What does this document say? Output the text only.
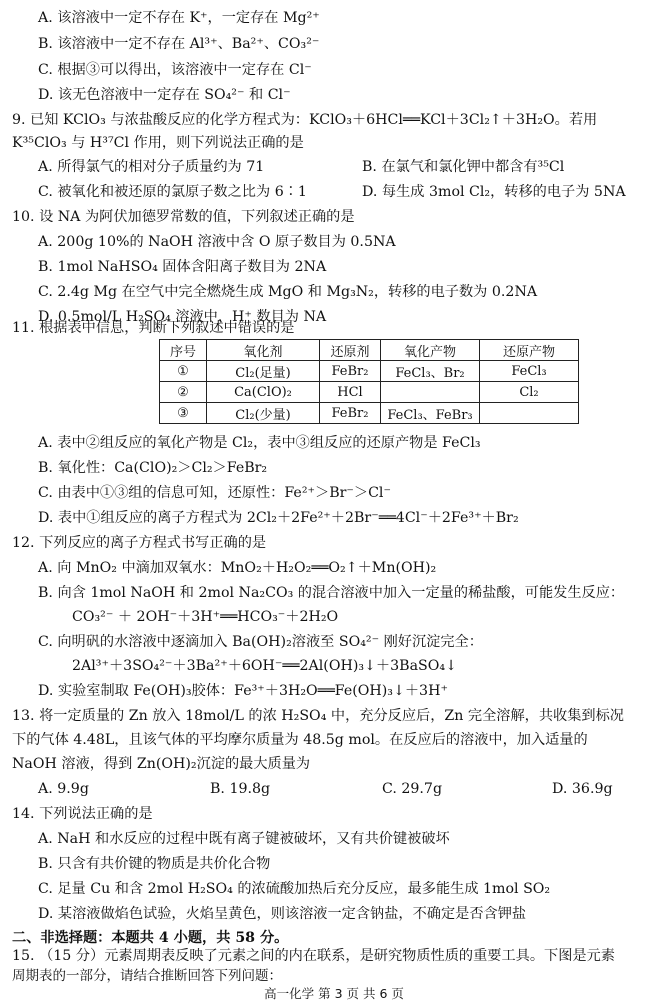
A. 该溶液中一定不存在 K⁺，一定存在 Mg²⁺
B. 该溶液中一定不存在 Al³⁺、Ba²⁺、CO₃²⁻
C. 根据③可以得出，该溶液中一定存在 Cl⁻
D. 该无色溶液中一定存在 SO₄²⁻ 和 Cl⁻
9. 已知 KClO₃ 与浓盐酸反应的化学方程式为：KClO₃＋6HCl══KCl＋3Cl₂↑＋3H₂O。若用
K³⁵ClO₃ 与 H³⁷Cl 作用，则下列说法正确的是
A. 所得氯气的相对分子质量约为 71	B. 在氯气和氯化钾中都含有³⁵Cl
C. 被氧化和被还原的氯原子数之比为 6∶1	D. 每生成 3mol Cl₂，转移的电子为 5NA
10. 设 NA 为阿伏加德罗常数的值，下列叙述正确的是
A. 200g 10%的 NaOH 溶液中含 O 原子数目为 0.5NA
B. 1mol NaHSO₄ 固体含阳离子数目为 2NA
C. 2.4g Mg 在空气中完全燃烧生成 MgO 和 Mg₃N₂，转移的电子数为 0.2NA
D. 0.5mol/L H₂SO₄ 溶液中，H⁺ 数目为 NA
11. 根据表中信息，判断下列叙述中错误的是
序号	氧化剂	还原剂	氧化产物	还原产物
①	Cl₂(足量)	FeBr₂	FeCl₃、Br₂	FeCl₃
②	Ca(ClO)₂	HCl		Cl₂
③	Cl₂(少量)	FeBr₂	FeCl₃、FeBr₃	
A. 表中②组反应的氧化产物是 Cl₂，表中③组反应的还原产物是 FeCl₃
B. 氧化性：Ca(ClO)₂＞Cl₂＞FeBr₂
C. 由表中①③组的信息可知，还原性：Fe²⁺＞Br⁻＞Cl⁻
D. 表中①组反应的离子方程式为 2Cl₂＋2Fe²⁺＋2Br⁻══4Cl⁻＋2Fe³⁺＋Br₂
12. 下列反应的离子方程式书写正确的是
A. 向 MnO₂ 中滴加双氧水：MnO₂＋H₂O₂══O₂↑＋Mn(OH)₂
B. 向含 1mol NaOH 和 2mol Na₂CO₃ 的混合溶液中加入一定量的稀盐酸，可能发生反应：
CO₃²⁻ ＋ 2OH⁻＋3H⁺══HCO₃⁻＋2H₂O
C. 向明矾的水溶液中逐滴加入 Ba(OH)₂溶液至 SO₄²⁻ 刚好沉淀完全：
2Al³⁺＋3SO₄²⁻＋3Ba²⁺＋6OH⁻══2Al(OH)₃↓＋3BaSO₄↓
D. 实验室制取 Fe(OH)₃胶体：Fe³⁺＋3H₂O══Fe(OH)₃↓＋3H⁺
13. 将一定质量的 Zn 放入 18mol/L 的浓 H₂SO₄ 中，充分反应后，Zn 完全溶解，共收集到标况
下的气体 4.48L，且该气体的平均摩尔质量为 48.5g mol。在反应后的溶液中，加入适量的
NaOH 溶液，得到 Zn(OH)₂沉淀的最大质量为
A. 9.9g	B. 19.8g	C. 29.7g	D. 36.9g
14. 下列说法正确的是
A. NaH 和水反应的过程中既有离子键被破坏，又有共价键被破坏
B. 只含有共价键的物质是共价化合物
C. 足量 Cu 和含 2mol H₂SO₄ 的浓硫酸加热后充分反应，最多能生成 1mol SO₂
D. 某溶液做焰色试验，火焰呈黄色，则该溶液一定含钠盐，不确定是否含钾盐
二、非选择题：本题共 4 小题，共 58 分。
15. （15 分）元素周期表反映了元素之间的内在联系，是研究物质性质的重要工具。下图是元素
高一化学 第 3 页 共 6 页
周期表的一部分，请结合推断回答下列问题：
